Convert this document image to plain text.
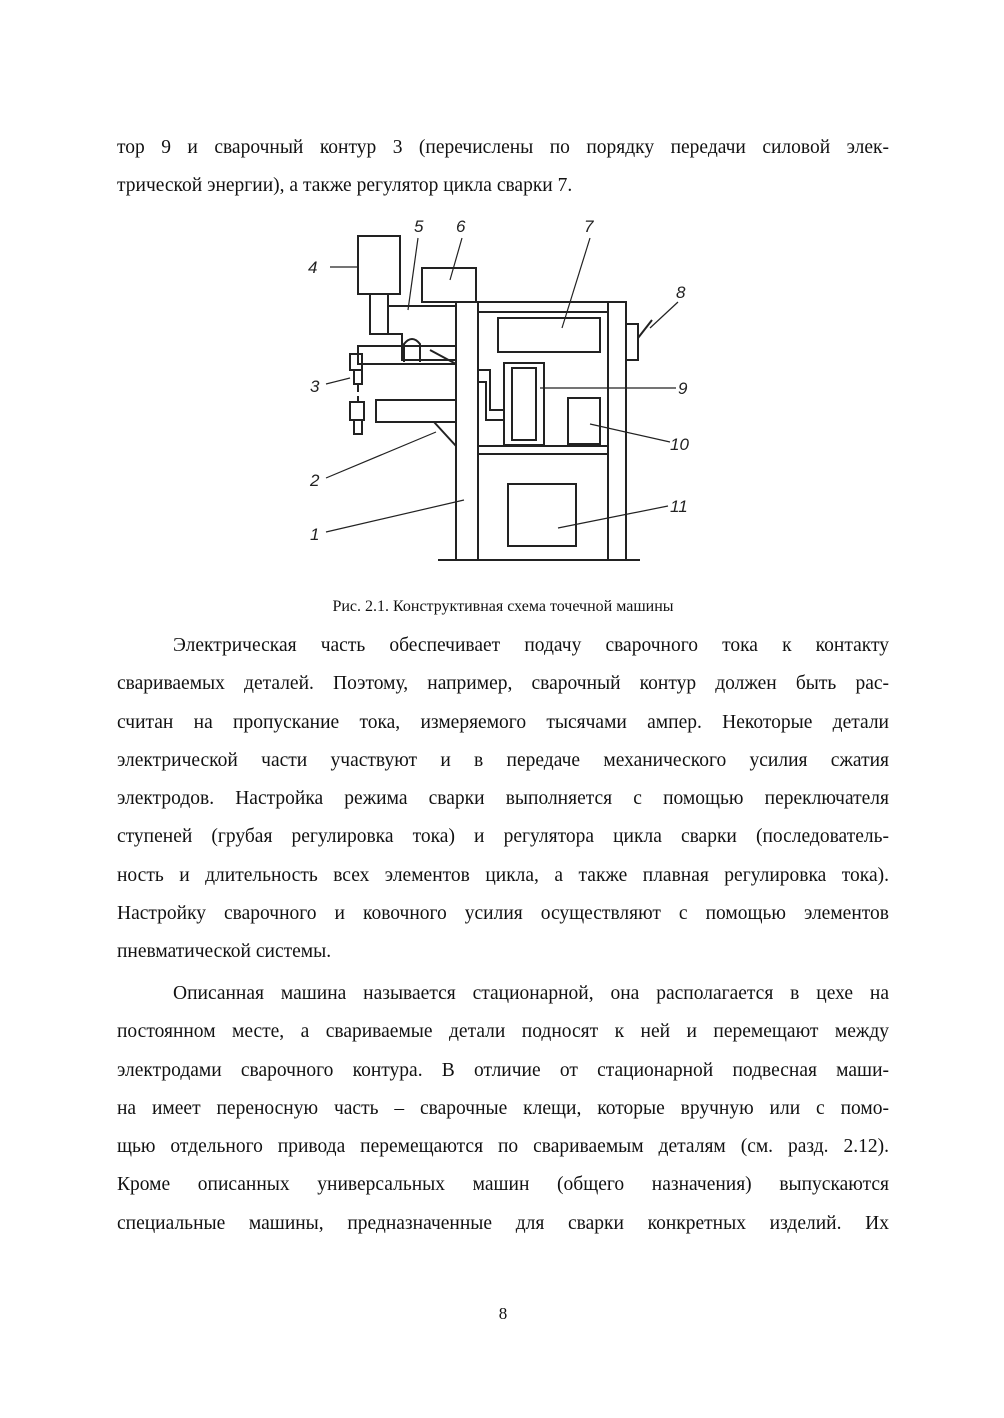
тор 9 и сварочный контур 3 (перечислены по порядку передачи силовой элек-

трической энергии), а также регулятор цикла сварки 7.

4
5 6	7
8
3	9
10
2
11
1
Рис. 2.1. Конструктивная схема точечной машины

Электрическая часть обеспечивает подачу сварочного тока к контакту

свариваемых деталей. Поэтому, например, сварочный контур должен быть рас-

считан на пропускание тока, измеряемого тысячами ампер. Некоторые детали

электрической части участвуют и в передаче механического усилия сжатия

электродов. Настройка режима сварки выполняется с помощью переключателя

ступеней (грубая регулировка тока) и регулятора цикла сварки (последователь-

ность и длительность всех элементов цикла, а также плавная регулировка тока).

Настройку сварочного и ковочного усилия осуществляют с помощью элементов

пневматической системы.

Описанная машина называется стационарной, она располагается в цехе на

постоянном месте, а свариваемые детали подносят к ней и перемещают между

электродами сварочного контура. В отличие от стационарной подвесная маши-

на имеет переносную часть – сварочные клещи, которые вручную или с помо-

щью отдельного привода перемещаются по свариваемым деталям (см. разд. 2.12).

Кроме описанных универсальных машин (общего назначения) выпускаются

специальные машины, предназначенные для сварки конкретных изделий. Их

8
